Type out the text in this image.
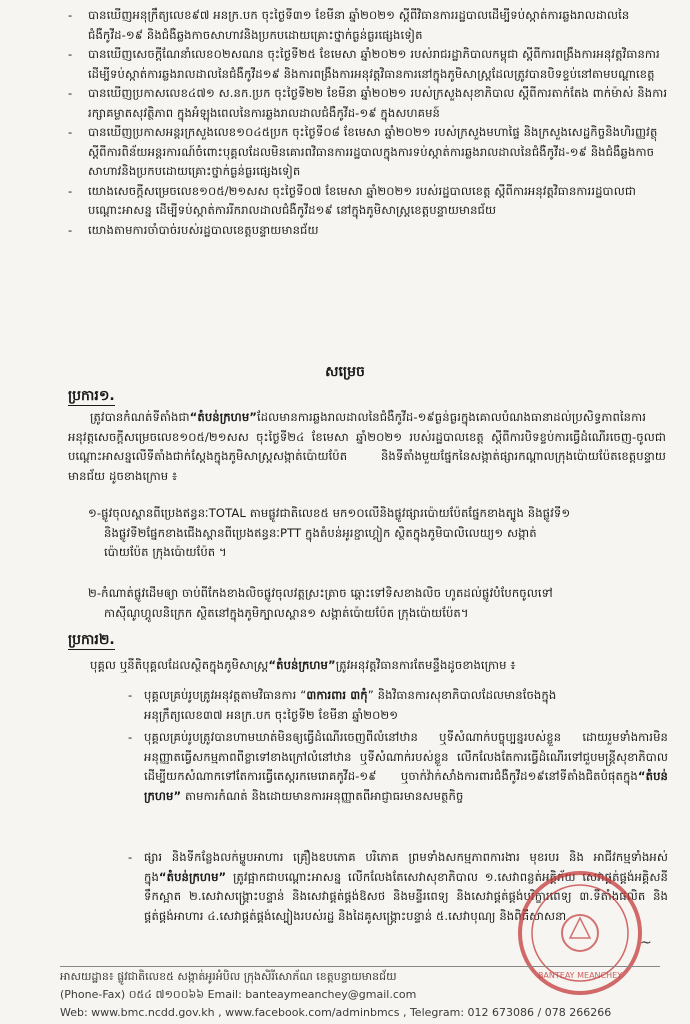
-	បានឃើញអនុក្រឹត្យលេខ៩៧ អនក្រ.បក ចុះថ្ងៃទី៣១ ខែមីនា ឆ្នាំ២០២១ ស្តីពីវិធានការរដ្ឋបាលដើម្បីទប់ស្កាត់ការឆ្លងរាលដាលនៃជំងឺកូវីដ-១៩ និងជំងឺឆ្លងកាចសាហាវនិងប្រកបដោយគ្រោះថ្នាក់ធ្ងន់ធ្ងរផ្សេងទៀត
-	បានឃើញសេចក្តីណែនាំលេខ០២សណន ចុះថ្ងៃទី២៥ ខែមេសា ឆ្នាំ២០២១ របស់រាជរដ្ឋាភិបាលកម្ពុជា ស្តីពីការពង្រឹងការអនុវត្តវិធានការដើម្បីទប់ស្កាត់ការឆ្លងរាលដាលនៃជំងឺកូវីដ១៩ និងការពង្រឹងការអនុវត្តវិធានការនៅក្នុងភូមិសាស្ត្រដែលត្រូវបានបិទខ្ទប់នៅតាមបណ្តាខេត្ត
-	បានឃើញប្រកាសលេខ៤៧១ ស.នក.ប្រក ចុះថ្ងៃទី២២ ខែមីនា ឆ្នាំ២០២១ របស់ក្រសួងសុខាភិបាល ស្តីពីការតាក់តែង ពាក់ម៉ាស់ និងការរក្សាគម្លាតសុវត្ថិភាព ក្នុងអំឡុងពេលនៃការឆ្លងរាលដាលជំងឺកូវីដ-១៩ ក្នុងសហគមន៍
-	បានឃើញប្រកាសអន្តរក្រសួងលេខ១០៤៥ប្រក ចុះថ្ងៃទី០៨ ខែមេសា ឆ្នាំ២០២១ របស់ក្រសួងមហាផ្ទៃ និងក្រសួងសេដ្ឋកិច្ចនិងហិរញ្ញវត្ថុ ស្តីពីការពិន័យអន្តរការណ៍ចំពោះបុគ្គលដែលមិនគោរពវិធានការរដ្ឋបាលក្នុងការទប់ស្កាត់ការឆ្លងរាលដាលនៃជំងឺកូវីដ-១៩ និងជំងឺឆ្លងកាចសាហាវនិងប្រកបដោយគ្រោះថ្នាក់ធ្ងន់ធ្ងរផ្សេងទៀត
-	យោងសេចក្តីសម្រេចលេខ១០៥/២១សស ចុះថ្ងៃទី០៧ ខែមេសា ឆ្នាំ២០២១ របស់រដ្ឋបាលខេត្ត ស្តីពីការអនុវត្តវិធានការរដ្ឋបាលជាបណ្តោះអាសន្ន ដើម្បីទប់ស្កាត់ការរីករាលដាលជំងឺកូវីដ១៩ នៅក្នុងភូមិសាស្ត្រខេត្តបន្ទាយមានជ័យ
-	យោងតាមការចាំបាច់របស់រដ្ឋបាលខេត្តបន្ទាយមានជ័យ
សម្រេច
ប្រការ១.
ត្រូវបានកំណត់ទីតាំងជា“តំបន់ក្រហម”ដែលមានការឆ្លងរាលដាលនៃជំងឺកូវីដ-១៩ធ្ងន់ធ្ងរក្នុងគោលបំណងធានាដល់ប្រសិទ្ធភាពនៃការអនុវត្តសេចក្តីសម្រេចលេខ១០៥/២១សស ចុះថ្ងៃទី២៤ ខែមេសា ឆ្នាំ២០២១ របស់រដ្ឋបាលខេត្ត ស្តីពីការបិទខ្ទប់ការធ្វើដំណើរចេញ-ចូលជាបណ្តោះអាសន្នលើទីតាំងជាក់ស្តែងក្នុងភូមិសាស្ត្រសង្កាត់ប៉ោយប៉ែត និងទីតាំងមួយផ្នែកនៃសង្កាត់ផ្សារកណ្តាលក្រុងប៉ោយប៉ែតខេត្តបន្ទាយមានជ័យ ដូចខាងក្រោម ៖
១-ផ្លូវចុលស្ពានពីប្រេងឥន្ធនៈTOTAL តាមផ្លូវជាតិលេខ៥ មក១០លើនិងផ្លូវផ្សារប៉ោយប៉ែតផ្នែកខាងត្បូង និងផ្លូវទី១
និងផ្លូវទី២ផ្នែកខាងជើងស្ពានពីប្រេងឥន្ធនៈPTT ក្នុងតំបន់អូរខ្ជាហ្គៀក ស្ថិតក្នុងភូមិបាលិលេយ្យ១ សង្កាត់
ប៉ោយប៉ែត ក្រុងប៉ោយប៉ែត ។
២-កំណាត់ផ្លូវដើមឲ្យា ចាប់ពីកែងខាងលិចផ្លូវចុលវត្តស្រះត្រាច ឆ្ពោះទៅទិសខាងលិច ហូតដល់ផ្លូវបំបែកចូលទៅ
កាស៊ីណូហ្គូលនិក្រេក ស្ថិតនៅក្នុងភូមិក្បាលស្ពាន១ សង្កាត់ប៉ោយប៉ែត ក្រុងប៉ោយប៉ែត។
ប្រការ២.
បុគ្គល ឬនីតិបុគ្គលដែលស្ថិតក្នុងភូមិសាស្ត្រ“តំបន់ក្រហម”ត្រូវអនុវត្តវិធានការតែមន្ទឹងដូចខាងក្រោម ៖
-	បុគ្គលគ្រប់រូបត្រូវអនុវត្តតាមវិធានការ “៣ការពារ ៣កុំ” និងវិធានការសុខាភិបាលដែលមានចែងក្នុង
អនុក្រឹត្យលេខ៣៧ អនក្រ.បក ចុះថ្ងៃទី២ ខែមីនា ឆ្នាំ២០២១
-	បុគ្គលគ្រប់រូបត្រូវបានហាមឃាត់មិនឲ្យធ្វើដំណើរចេញពីលំនៅឋាន ឬទីសំណាក់បច្ចុប្បន្នរបស់ខ្លួន ដោយរួមទាំងការមិនអនុញ្ញាតធ្វើសកម្មភាពពីខ្លាទៅខាងក្រៅលំនៅឋាន ឬទីសំណាក់របស់ខ្លួន លើកលែងតែការធ្វើដំណើរទៅជួបមន្ត្រីសុខាភិបាល ដើម្បីយកសំណាកទៅតែការធ្វើតេស្តរកមេរោគកូវីដ-១៩ ឬចាក់វ៉ាក់សាំងការពារជំងឺកូវីដ១៩នៅទីតាំងជិតបំផុតក្នុង“តំបន់ក្រហម” តាមការកំណត់ និងដោយមានការអនុញ្ញាតពីអាជ្ញាធរមានសមត្ថកិច្ច
-	ផ្សារ និងទីកន្លែងលក់ម្ហូបអាហារ គ្រឿងឧបភោគ បរិភោគ ព្រមទាំងសកម្មភាពការងារ មុខរបរ និង អាជីវកម្មទាំងអស់ក្នុង“តំបន់ក្រហម” ត្រូវផ្អាកជាបណ្តោះអាសន្ន លើកលែងតែសេវាសុខាភិបាល ១.សេវាពន្លត់អគ្គិភ័យ សេវាផ្គត់ផ្គង់អគ្គិសនី ទឹកស្អាត ២.សេវាសង្គ្រោះបន្ទាន់ និងសេវាផ្គត់ផ្គង់ឱសថ និងមន្ទីរពេទ្យ និងសេវាផ្គត់ផ្គង់បរិក្ខារពេទ្យ ៣.ទីតាំងផលិត និងផ្គត់ផ្គង់អាហារ ៤.សេវាផ្គត់ផ្គង់ស្បៀងរបស់រដ្ឋ និងដៃគូសង្គ្រោះបន្ទាន់ ៥.សេវាបុណ្យ និងពិធីសាសនា
BANTEAY MEANCHEY
~
អាសយដ្ឋាន៖ ផ្លូវជាតិលេខ៥ សង្កាត់អូរអំបិល ក្រុងសិរីសោភ័ណ ខេត្តបន្ទាយមានជ័យ
(Phone-Fax) ០៥៤ ៧១០០៦៦ Email: banteaymeanchey@gmail.com
Web: www.bmc.ncdd.gov.kh , www.facebook.com/adminbmcs , Telegram: 012 673086 / 078 266266
